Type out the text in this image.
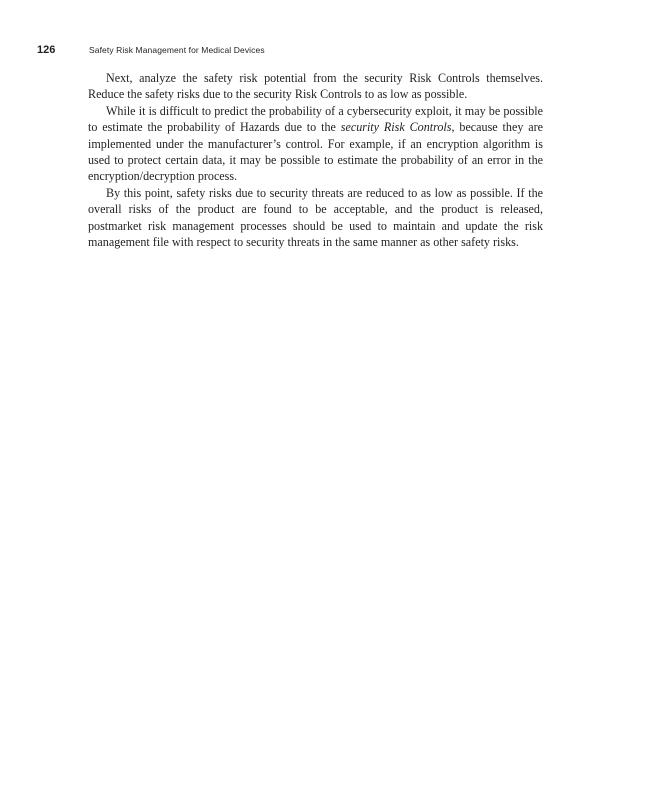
126	Safety Risk Management for Medical Devices

Next, analyze the safety risk potential from the security Risk Controls themselves. Reduce the safety risks due to the security Risk Controls to as low as possible.

While it is difficult to predict the probability of a cybersecurity exploit, it may be possible to estimate the probability of Hazards due to the security Risk Controls, because they are implemented under the manufacturer’s control. For example, if an encryption algorithm is used to protect certain data, it may be possible to estimate the probability of an error in the encryption/decryption process.

By this point, safety risks due to security threats are reduced to as low as possible. If the overall risks of the product are found to be acceptable, and the product is released, postmarket risk management processes should be used to maintain and update the risk management file with respect to security threats in the same manner as other safety risks.
